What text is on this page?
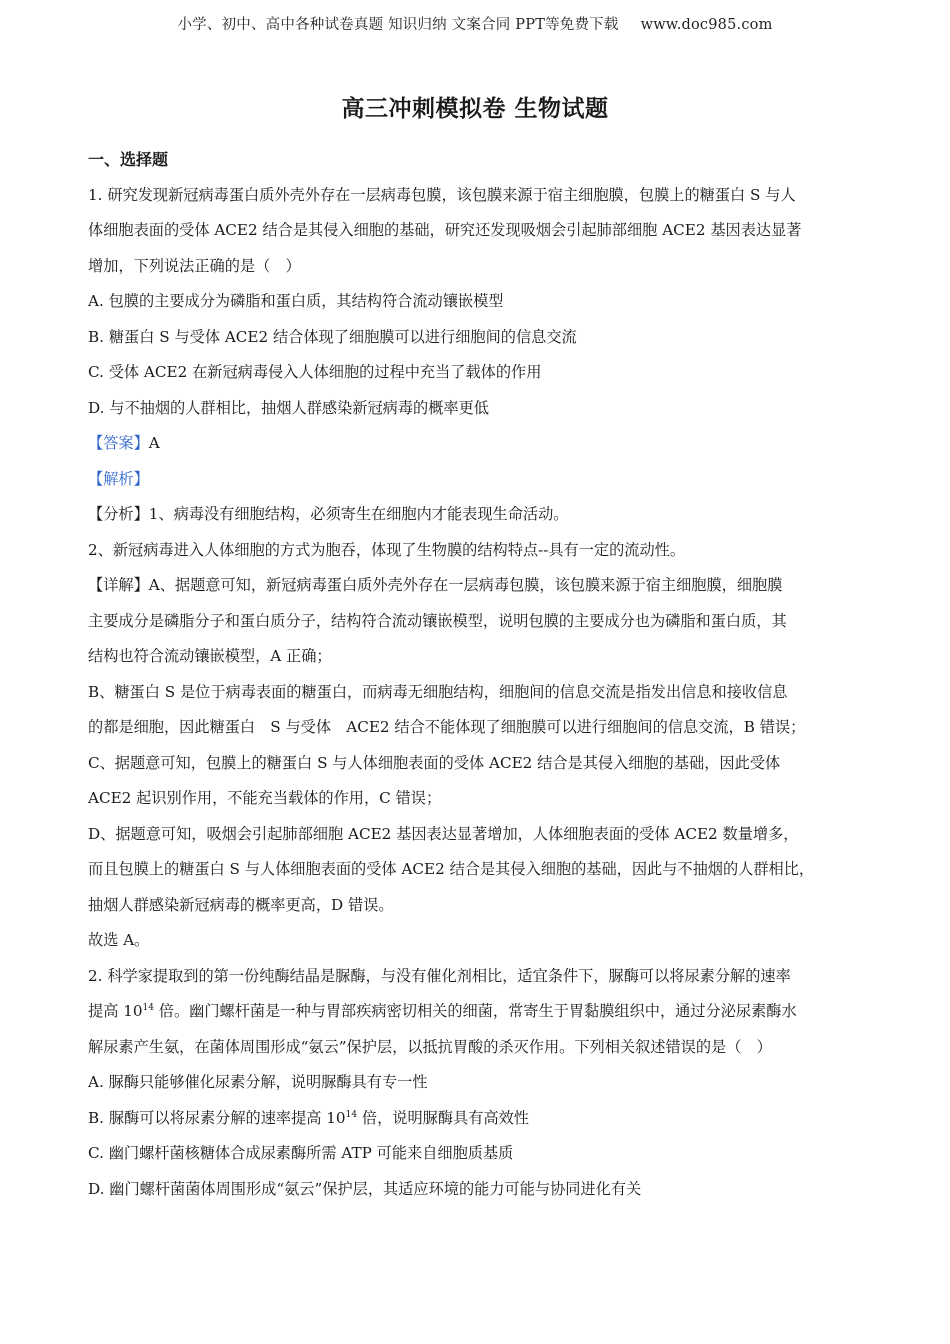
小学、初中、高中各种试卷真题 知识归纳 文案合同 PPT等免费下载 www.doc985.com
高三冲刺模拟卷 生物试题
一、选择题
1. 研究发现新冠病毒蛋白质外壳外存在一层病毒包膜，该包膜来源于宿主细胞膜，包膜上的糖蛋白 S 与人
体细胞表面的受体 ACE2 结合是其侵入细胞的基础，研究还发现吸烟会引起肺部细胞 ACE2 基因表达显著
增加，下列说法正确的是（　）
A. 包膜的主要成分为磷脂和蛋白质，其结构符合流动镶嵌模型
B. 糖蛋白 S 与受体 ACE2 结合体现了细胞膜可以进行细胞间的信息交流
C. 受体 ACE2 在新冠病毒侵入人体细胞的过程中充当了载体的作用
D. 与不抽烟的人群相比，抽烟人群感染新冠病毒的概率更低
【答案】A
【解析】
【分析】1、病毒没有细胞结构，必须寄生在细胞内才能表现生命活动。
2、新冠病毒进入人体细胞的方式为胞吞，体现了生物膜的结构特点--具有一定的流动性。
【详解】A、据题意可知，新冠病毒蛋白质外壳外存在一层病毒包膜，该包膜来源于宿主细胞膜，细胞膜
主要成分是磷脂分子和蛋白质分子，结构符合流动镶嵌模型，说明包膜的主要成分也为磷脂和蛋白质，其
结构也符合流动镶嵌模型，A 正确；
B、糖蛋白 S 是位于病毒表面的糖蛋白，而病毒无细胞结构，细胞间的信息交流是指发出信息和接收信息
的都是细胞，因此糖蛋白　S 与受体　ACE2 结合不能体现了细胞膜可以进行细胞间的信息交流，B 错误；
C、据题意可知，包膜上的糖蛋白 S 与人体细胞表面的受体 ACE2 结合是其侵入细胞的基础，因此受体
ACE2 起识别作用，不能充当载体的作用，C 错误；
D、据题意可知，吸烟会引起肺部细胞 ACE2 基因表达显著增加，人体细胞表面的受体 ACE2 数量增多，
而且包膜上的糖蛋白 S 与人体细胞表面的受体 ACE2 结合是其侵入细胞的基础，因此与不抽烟的人群相比，
抽烟人群感染新冠病毒的概率更高，D 错误。
故选 A。
2. 科学家提取到的第一份纯酶结晶是脲酶，与没有催化剂相比，适宜条件下，脲酶可以将尿素分解的速率
提高 $10^{14}$ 倍。幽门螺杆菌是一种与胃部疾病密切相关的细菌，常寄生于胃黏膜组织中，通过分泌尿素酶水
解尿素产生氨，在菌体周围形成“氨云”保护层，以抵抗胃酸的杀灭作用。下列相关叙述错误的是（　）
A. 脲酶只能够催化尿素分解，说明脲酶具有专一性
B. 脲酶可以将尿素分解的速率提高 $10^{14}$ 倍，说明脲酶具有高效性
C. 幽门螺杆菌核糖体合成尿素酶所需 ATP 可能来自细胞质基质
D. 幽门螺杆菌菌体周围形成“氨云”保护层，其适应环境的能力可能与协同进化有关
